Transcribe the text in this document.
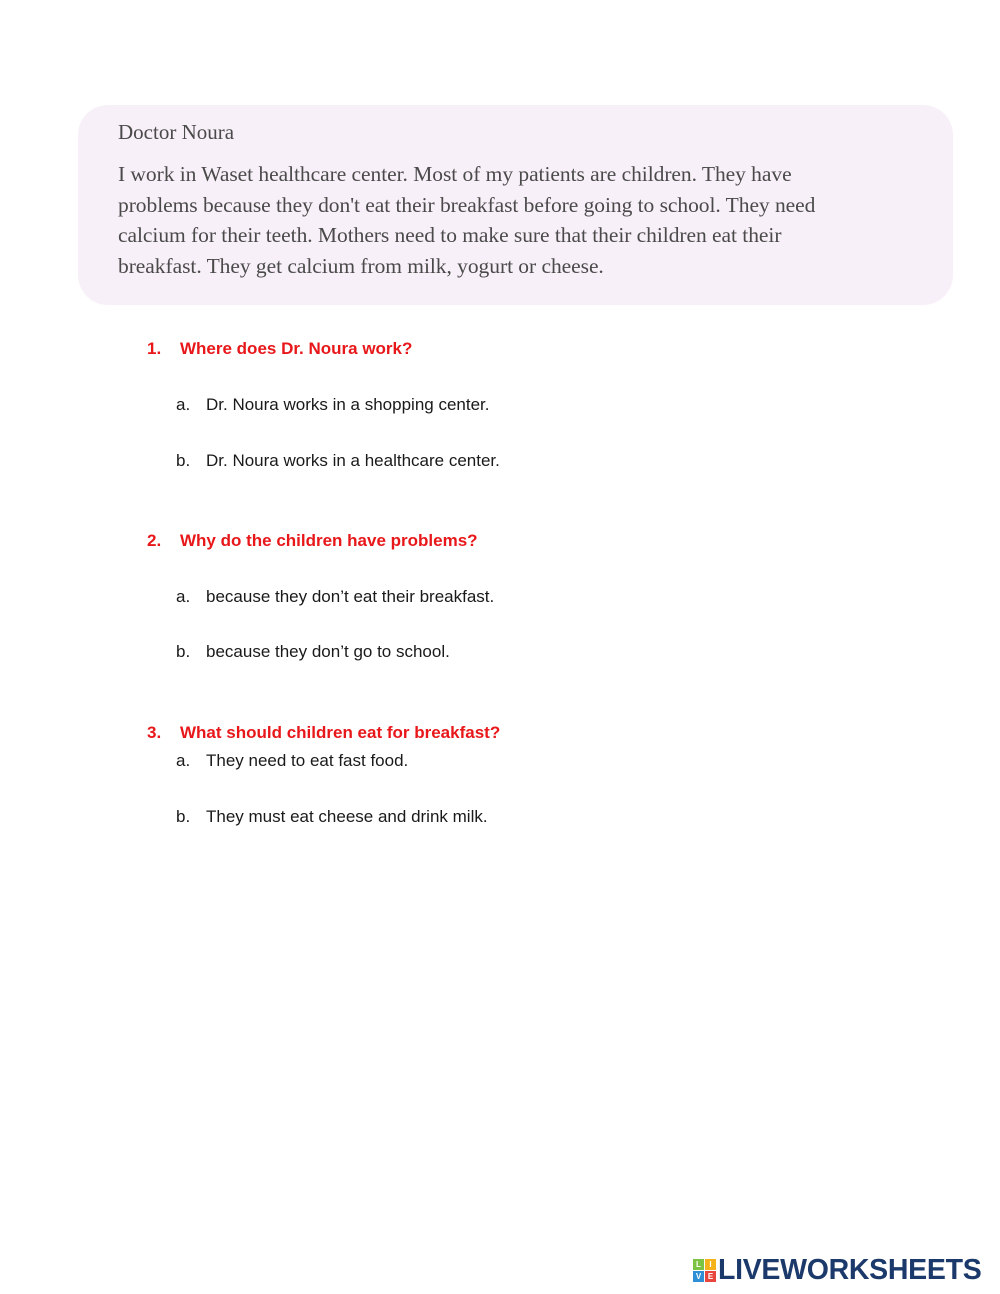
Doctor Noura

I work in Waset healthcare center. Most of my patients are children. They have
problems because they don't eat their breakfast before going to school. They need
calcium for their teeth. Mothers need to make sure that their children eat their
breakfast. They get calcium from milk, yogurt or cheese.

1. Where does Dr. Noura work?
a. Dr. Noura works in a shopping center.
b. Dr. Noura works in a healthcare center.
2. Why do the children have problems?
a. because they don’t eat their breakfast.
b. because they don’t go to school.
3. What should children eat for breakfast?
a. They need to eat fast food.
b. They must eat cheese and drink milk.
L	I
V E LIVEWORKSHEETS
